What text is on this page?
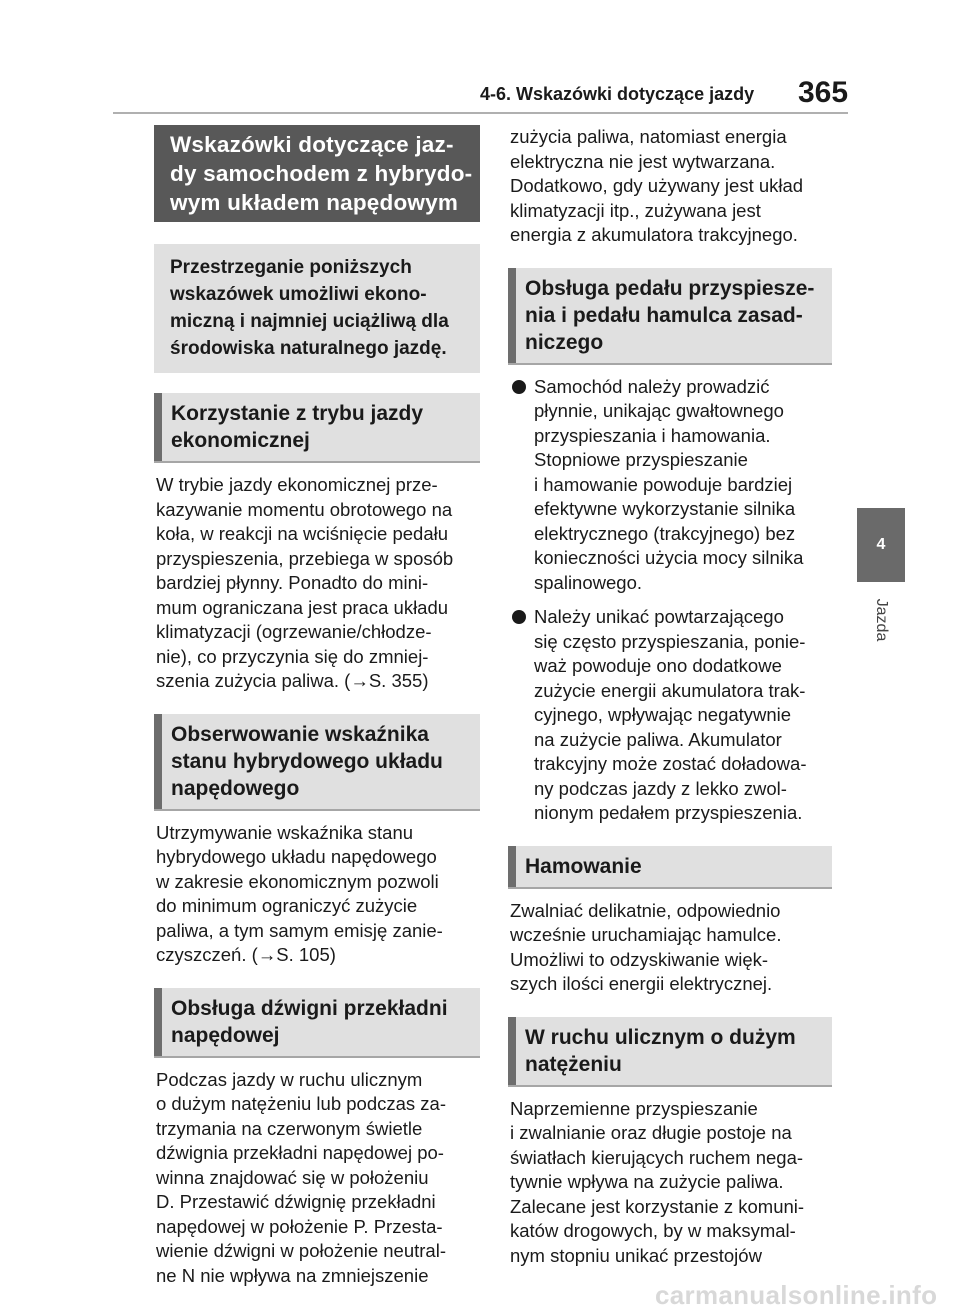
4-6. Wskazówki dotyczące jazdy 365
Wskazówki dotyczące jaz-
dy samochodem z hybrydo-
wym układem napędowym
Przestrzeganie poniższych
wskazówek umożliwi ekono-
miczną i najmniej uciążliwą dla
środowiska naturalnego jazdę.
Korzystanie z trybu jazdy
ekonomicznej
W trybie jazdy ekonomicznej prze-
kazywanie momentu obrotowego na
koła, w reakcji na wciśnięcie pedału
przyspieszenia, przebiega w sposób
bardziej płynny. Ponadto do mini-
mum ograniczana jest praca układu
klimatyzacji (ogrzewanie/chłodze-
nie), co przyczynia się do zmniej-
szenia zużycia paliwa. (→S. 355)
Obserwowanie wskaźnika
stanu hybrydowego układu
napędowego
Utrzymywanie wskaźnika stanu
hybrydowego układu napędowego
w zakresie ekonomicznym pozwoli
do minimum ograniczyć zużycie
paliwa, a tym samym emisję zanie-
czyszczeń. (→S. 105)
Obsługa dźwigni przekładni
napędowej
Podczas jazdy w ruchu ulicznym
o dużym natężeniu lub podczas za-
trzymania na czerwonym świetle
dźwignia przekładni napędowej po-
winna znajdować się w położeniu
D. Przestawić dźwignię przekładni
napędowej w położenie P. Przesta-
wienie dźwigni w położenie neutral-
ne N nie wpływa na zmniejszenie
zużycia paliwa, natomiast energia
elektryczna nie jest wytwarzana.
Dodatkowo, gdy używany jest układ
klimatyzacji itp., zużywana jest
energia z akumulatora trakcyjnego.
Obsługa pedału przyspiesze-
nia i pedału hamulca zasad-
niczego
Samochód należy prowadzić
płynnie, unikając gwałtownego
przyspieszania i hamowania.
Stopniowe przyspieszanie
i hamowanie powoduje bardziej
efektywne wykorzystanie silnika
elektrycznego (trakcyjnego) bez
konieczności użycia mocy silnika
spalinowego.
Należy unikać powtarzającego
się często przyspieszania, ponie-
waż powoduje ono dodatkowe
zużycie energii akumulatora trak-
cyjnego, wpływając negatywnie
na zużycie paliwa. Akumulator
trakcyjny może zostać doładowa-
ny podczas jazdy z lekko zwol-
nionym pedałem przyspieszenia.
Hamowanie
Zwalniać delikatnie, odpowiednio
wcześnie uruchamiając hamulce.
Umożliwi to odzyskiwanie więk-
szych ilości energii elektrycznej.
W ruchu ulicznym o dużym
natężeniu
Naprzemienne przyspieszanie
i zwalnianie oraz długie postoje na
światłach kierujących ruchem nega-
tywnie wpływa na zużycie paliwa.
Zalecane jest korzystanie z komuni-
katów drogowych, by w maksymal-
nym stopniu unikać przestojów
4
Jazda
carmanualsonline.info
